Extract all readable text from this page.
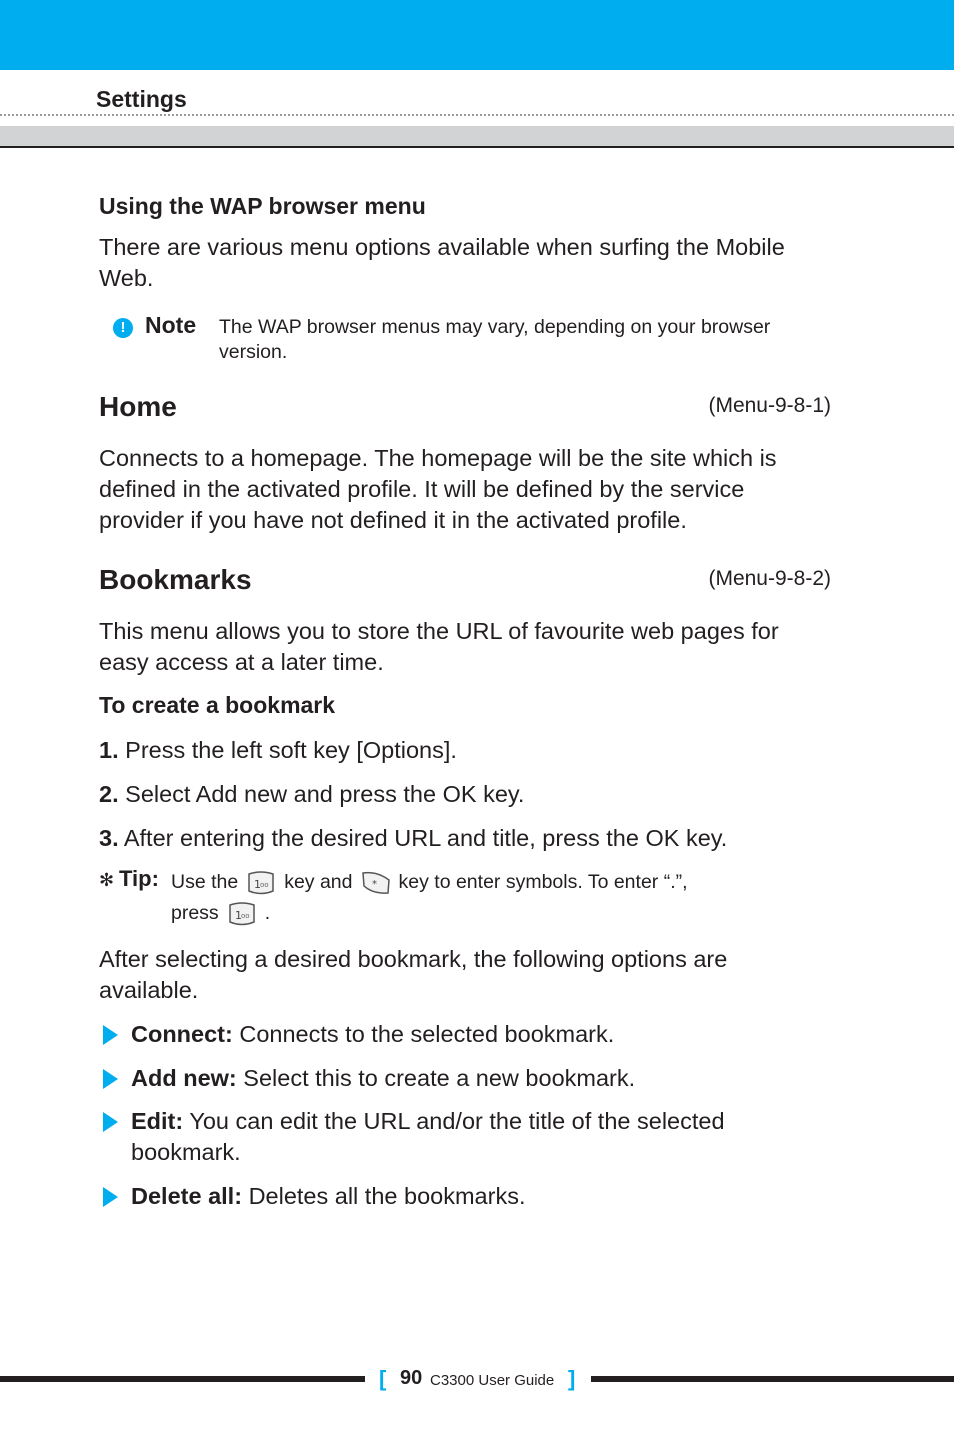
Settings
Using the WAP browser menu
There are various menu options available when surfing the Mobile Web.
! Note The WAP browser menus may vary, depending on your browser version.
Home	(Menu-9-8-1)
Connects to a homepage. The homepage will be the site which is defined in the activated profile. It will be defined by the service provider if you have not defined it in the activated profile.
Bookmarks	(Menu-9-8-2)
This menu allows you to store the URL of favourite web pages for easy access at a later time.
To create a bookmark
1. Press the left soft key [Options].
2. Select Add new and press the OK key.
3. After entering the desired URL and title, press the OK key.
✻ Tip: Use the 1 oo key and * key to enter symbols. To enter “.”,
press 1 oo .
After selecting a desired bookmark, the following options are available.
Connect: Connects to the selected bookmark.
Add new: Select this to create a new bookmark.
Edit: You can edit the URL and/or the title of the selected bookmark.
Delete all: Deletes all the bookmarks.
[ 90 C3300 User Guide ]
